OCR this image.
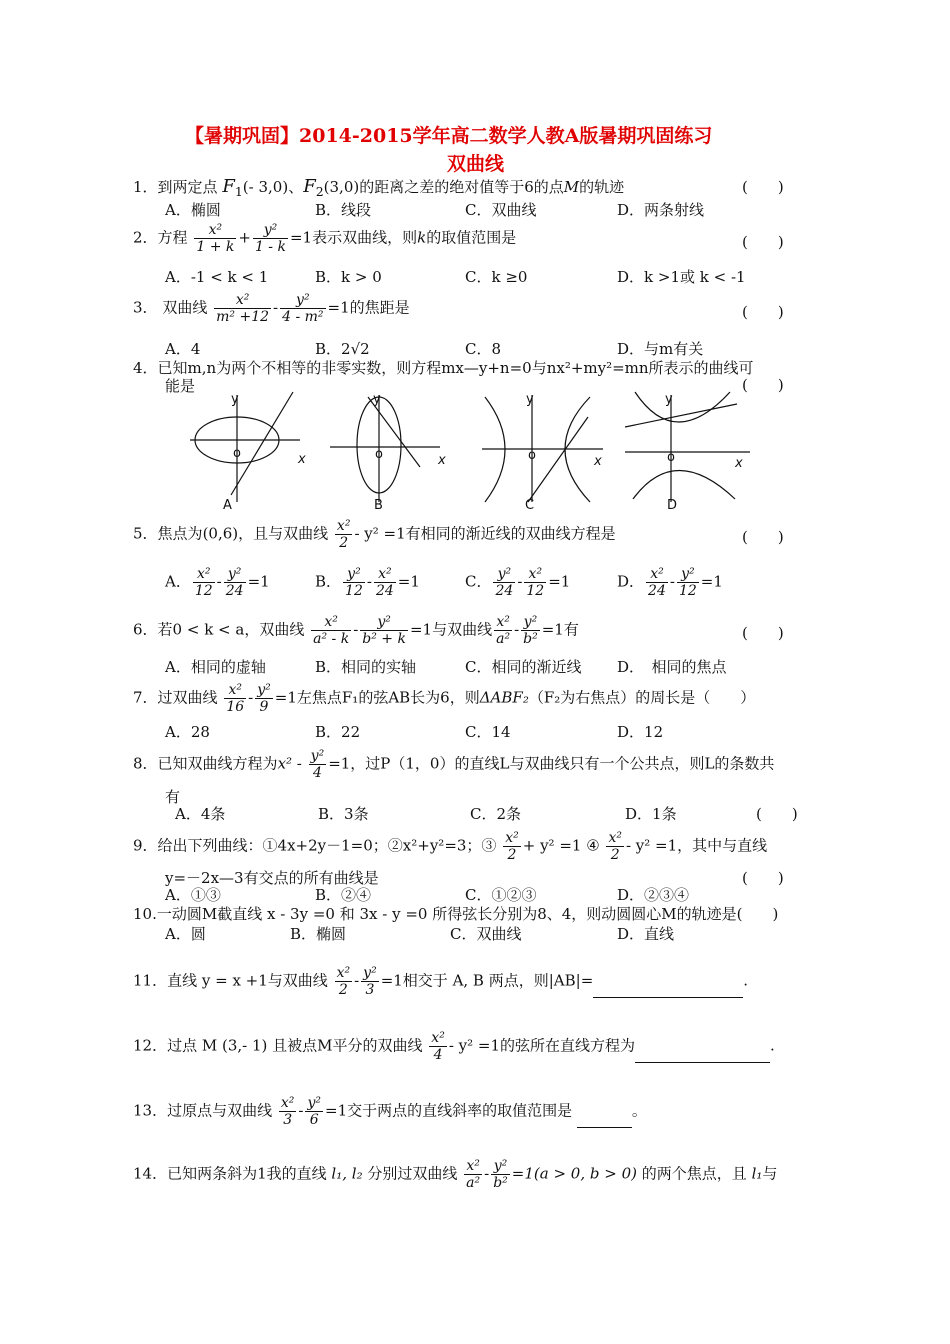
【暑期巩固】2014-2015学年高二数学人教A版暑期巩固练习
双曲线
1．到两定点 $F_1(-$ 3,0)、$F_2(3,0)$的距离之差的绝对值等于6的点M的轨迹	(　　)
A．椭圆	B．线段	C．双曲线	D．两条射线
2．方程 $\frac{\text{x²}}{1 + k} + \frac{\text{y²}}{1 - k} =1$表示双曲线，则k的取值范围是	(　　)
A．-1 < k < 1	B．k > 0	C．k ≥0	D．k >1或 k < -1
3． 双曲线 $\frac{\text{x²}}{\text{m² +12}} - \frac{\text{y²}}{\text{4 - m²}} =1$的焦距是	(　　)
A．4	B．2√2	C．8	D．与m有关
4．已知m,n为两个不相等的非零实数，则方程mx—y+n=0与nx²+my²=mn所表示的曲线可
能是	(　　)
y
x
o
A
y
x
o
B
y
x
o
C
y
x
o
D
5．焦点为(0,6)，且与双曲线 $\frac{\text{x²}}{2} - y^2 =1$有相同的渐近线的双曲线方程是	(　　)
A． $\frac{\text{x²}}{12} - \frac{\text{y²}}{24} =1$	B． $\frac{\text{y²}}{12} - \frac{\text{x²}}{24} =1$	C． $\frac{\text{y²}}{24} - \frac{\text{x²}}{12} =1$	D． $\frac{\text{x²}}{24} - \frac{\text{y²}}{12} =1$
6．若0 < k < a，双曲线 $\frac{\text{x²}}{\text{a² - k}} - \frac{\text{y²}}{\text{b² + k}} =1$与双曲线 $\frac{\text{x²}}{\text{a²}} - \frac{\text{y²}}{\text{b²}} =1$有	(　　)
A．相同的虚轴	B．相同的实轴	C．相同的渐近线 D．　相同的焦点
7．过双曲线 $\frac{\text{x²}}{16} - \frac{\text{y²}}{9} =1$左焦点F₁的弦AB长为6，则ΔABF₂（F₂为右焦点）的周长是（　　）
A．28	B．22	C．14	D．12
8．已知双曲线方程为$x^2 - \frac{\text{y²}}{4} =1$，过P（1，0）的直线L与双曲线只有一个公共点，则L的条数共
有
A．4条	B．3条	C．2条	D．1条	(　　)
9．给出下列曲线：①4x+2y－1=0；②x²+y²=3；③ $\frac{\text{x²}}{2} + y^2 =1$ ④ $\frac{\text{x²}}{2} - y^2 =1$，其中与直线
y=－2x—3有交点的所有曲线是	(　　)
A．①③	B．②④	C．①②③	D．②③④
10.一动圆M截直线 x - 3y =0 和 3x - y =0 所得弦长分别为8、4，则动圆圆心M的轨迹是(　　)
A．圆	B．椭圆	C．双曲线	D．直线
11．直线 y = x +1与双曲线 $\frac{\text{x²}}{2} - \frac{\text{y²}}{3} =1$相交于 A, B 两点，则|AB|=	.
12．过点 M (3,- 1) 且被点M平分的双曲线 $\frac{\text{x²}}{4} - y^2 =1$的弦所在直线方程为	.
13．过原点与双曲线 $\frac{\text{x²}}{3} - \frac{\text{y²}}{6} =1$交于两点的直线斜率的取值范围是	。
14．已知两条斜为1我的直线 l₁, l₂ 分别过双曲线 $\frac{\text{x²}}{\text{a²}} - \frac{\text{y²}}{\text{b²}} =1(a > 0$, b > 0) 的两个焦点，且 l₁与
